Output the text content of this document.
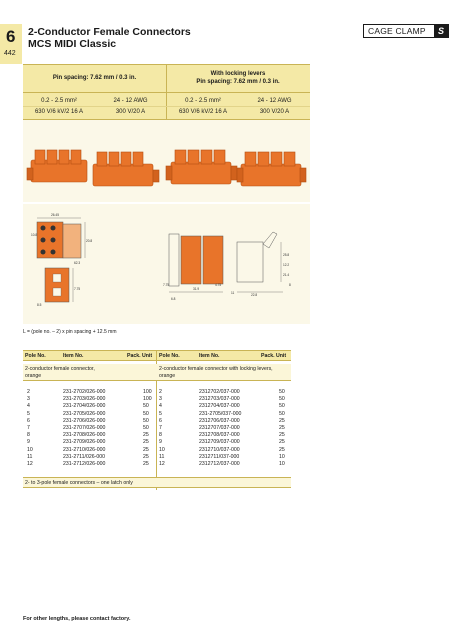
6
442
2-Conductor Female Connectors
MCS MIDI Classic
CAGE CLAMP	S
Pin spacing: 7.62 mm / 0.3 in.
With locking levers
Pin spacing: 7.62 mm / 0.3 in.
0.2 - 2.5 mm²	24 - 12 AWG	0.2 - 2.5 mm²	24 - 12 AWG
630 V/6 kV/2 16 A	300 V/20 A	630 V/6 kV/2 16 A	300 V/20 A
26.45
10.8
20.8
62.3
8.5
7.75
6.8
7.75
31.9
4.75
22.8
11
25.8
12.2
21.4
8
L = (pole no. – 2) x pin spacing + 12.5 mm
Pole No.	Item No.	Pack. Unit Pole No.	Item No.	Pack. Unit
2-conductor female connector,
orange
2-conductor female connector with locking levers,
orange
2	231-2702/026-000	100 2	2312702/037-000	50
3	231-2703/026-000	100 3	2312703/037-000	50
4	231-2704/026-000	50 4	2312704/037-000	50
5	231-2705/026-000	50 5	231-2705/037-000	50
6	231-2706/026-000	50 6	2312706/037-000	25
7	231-2707/026-000	50 7	2312707/037-000	25
8	231-2708/026-000	25 8	2312708/037-000	25
9	231-2709/026-000	25 9	2312709/037-000	25
10	231-2710/026-000	25 10	2312710/037-000	25
11	231-2711/026-000	25 11	2312711/037-000	10
12	231-2712/026-000	25 12	2312712/037-000	10
2- to 3-pole female connectors – one latch only
For other lengths, please contact factory.
